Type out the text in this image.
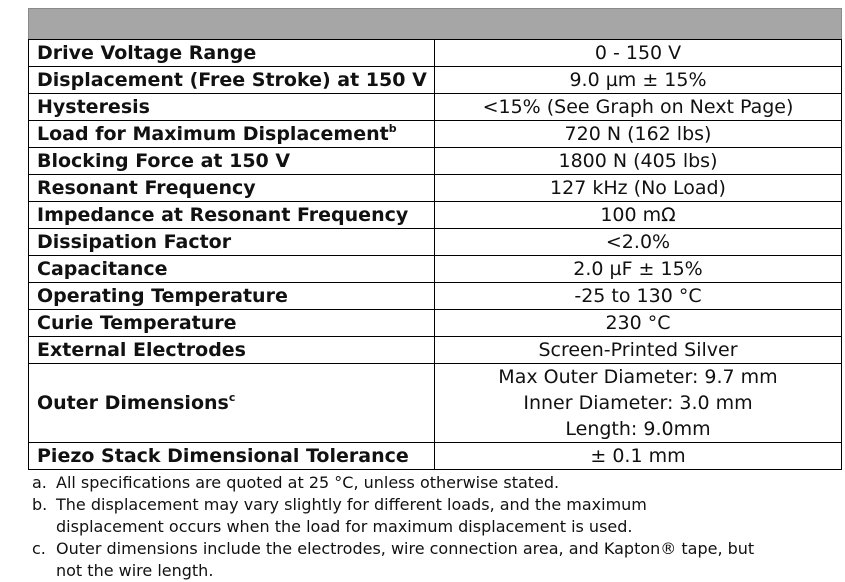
Drive Voltage Range	0 - 150 V

Displacement (Free Stroke) at 150 V	9.0 µm ± 15%

Hysteresis	<15% (See Graph on Next Page)

Load for Maximum Displacement$^b$	720 N (162 lbs)

Blocking Force at 150 V	1800 N (405 lbs)

Resonant Frequency	127 kHz (No Load)

Impedance at Resonant Frequency	100 mΩ

Dissipation Factor	<2.0%

Capacitance	2.0 µF ± 15%

Operating Temperature	-25 to 130 °C

Curie Temperature	230 °C

External Electrodes	Screen-Printed Silver

Outer Dimensions$^c$	Max Outer Diameter: 9.7 mm
Inner Diameter: 3.0 mm
Length: 9.0mm

Piezo Stack Dimensional Tolerance	± 0.1 mm
a. All specifications are quoted at 25 °C, unless otherwise stated.
b. The displacement may vary slightly for different loads, and the maximum
displacement occurs when the load for maximum displacement is used.
c. Outer dimensions include the electrodes, wire connection area, and Kapton® tape, but
not the wire length.
